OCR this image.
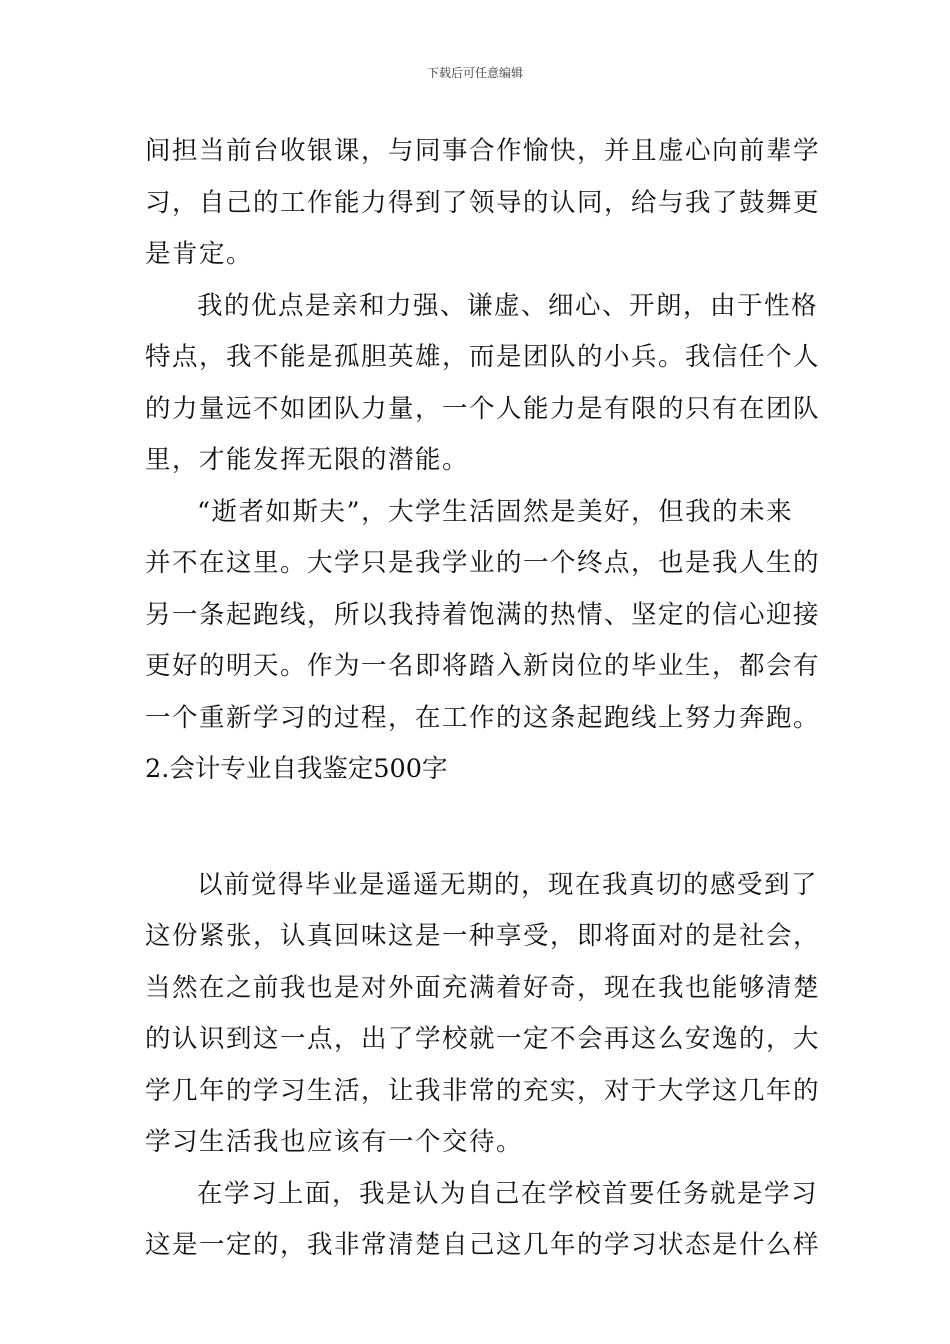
下载后可任意编辑
间担当前台收银课，与同事合作愉快，并且虚心向前辈学
习，自己的工作能力得到了领导的认同，给与我了鼓舞更
是肯定。
我的优点是亲和力强、谦虚、细心、开朗，由于性格
特点，我不能是孤胆英雄，而是团队的小兵。我信任个人
的力量远不如团队力量，一个人能力是有限的只有在团队
里，才能发挥无限的潜能。
“逝者如斯夫”，大学生活固然是美好，但我的未来
并不在这里。大学只是我学业的一个终点，也是我人生的
另一条起跑线，所以我持着饱满的热情、坚定的信心迎接
更好的明天。作为一名即将踏入新岗位的毕业生，都会有
一个重新学习的过程，在工作的这条起跑线上努力奔跑。
2.会计专业自我鉴定500字
以前觉得毕业是遥遥无期的，现在我真切的感受到了
这份紧张，认真回味这是一种享受，即将面对的是社会，
当然在之前我也是对外面充满着好奇，现在我也能够清楚
的认识到这一点，出了学校就一定不会再这么安逸的，大
学几年的学习生活，让我非常的充实，对于大学这几年的
学习生活我也应该有一个交待。
在学习上面，我是认为自己在学校首要任务就是学习
这是一定的，我非常清楚自己这几年的学习状态是什么样
